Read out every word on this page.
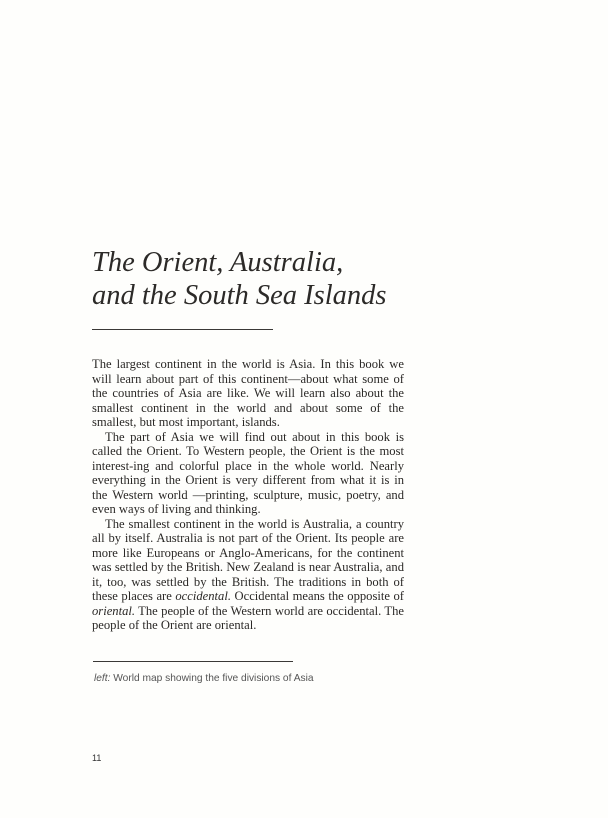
The Orient, Australia,
and the South Sea Islands

The largest continent in the world is Asia. In this book we will learn about part of this continent—about what some of the countries of Asia are like. We will learn also about the smallest continent in the world and about some of the smallest, but most important, islands.

The part of Asia we will find out about in this book is called the Orient. To Western people, the Orient is the most interest-ing and colorful place in the whole world. Nearly everything in the Orient is very different from what it is in the Western world —printing, sculpture, music, poetry, and even ways of living and thinking.

The smallest continent in the world is Australia, a country all by itself. Australia is not part of the Orient. Its people are more like Europeans or Anglo-Americans, for the continent was settled by the British. New Zealand is near Australia, and it, too, was settled by the British. The traditions in both of these places are occidental. Occidental means the opposite of oriental. The people of the Western world are occidental. The people of the Orient are oriental.

left: World map showing the five divisions of Asia
11
